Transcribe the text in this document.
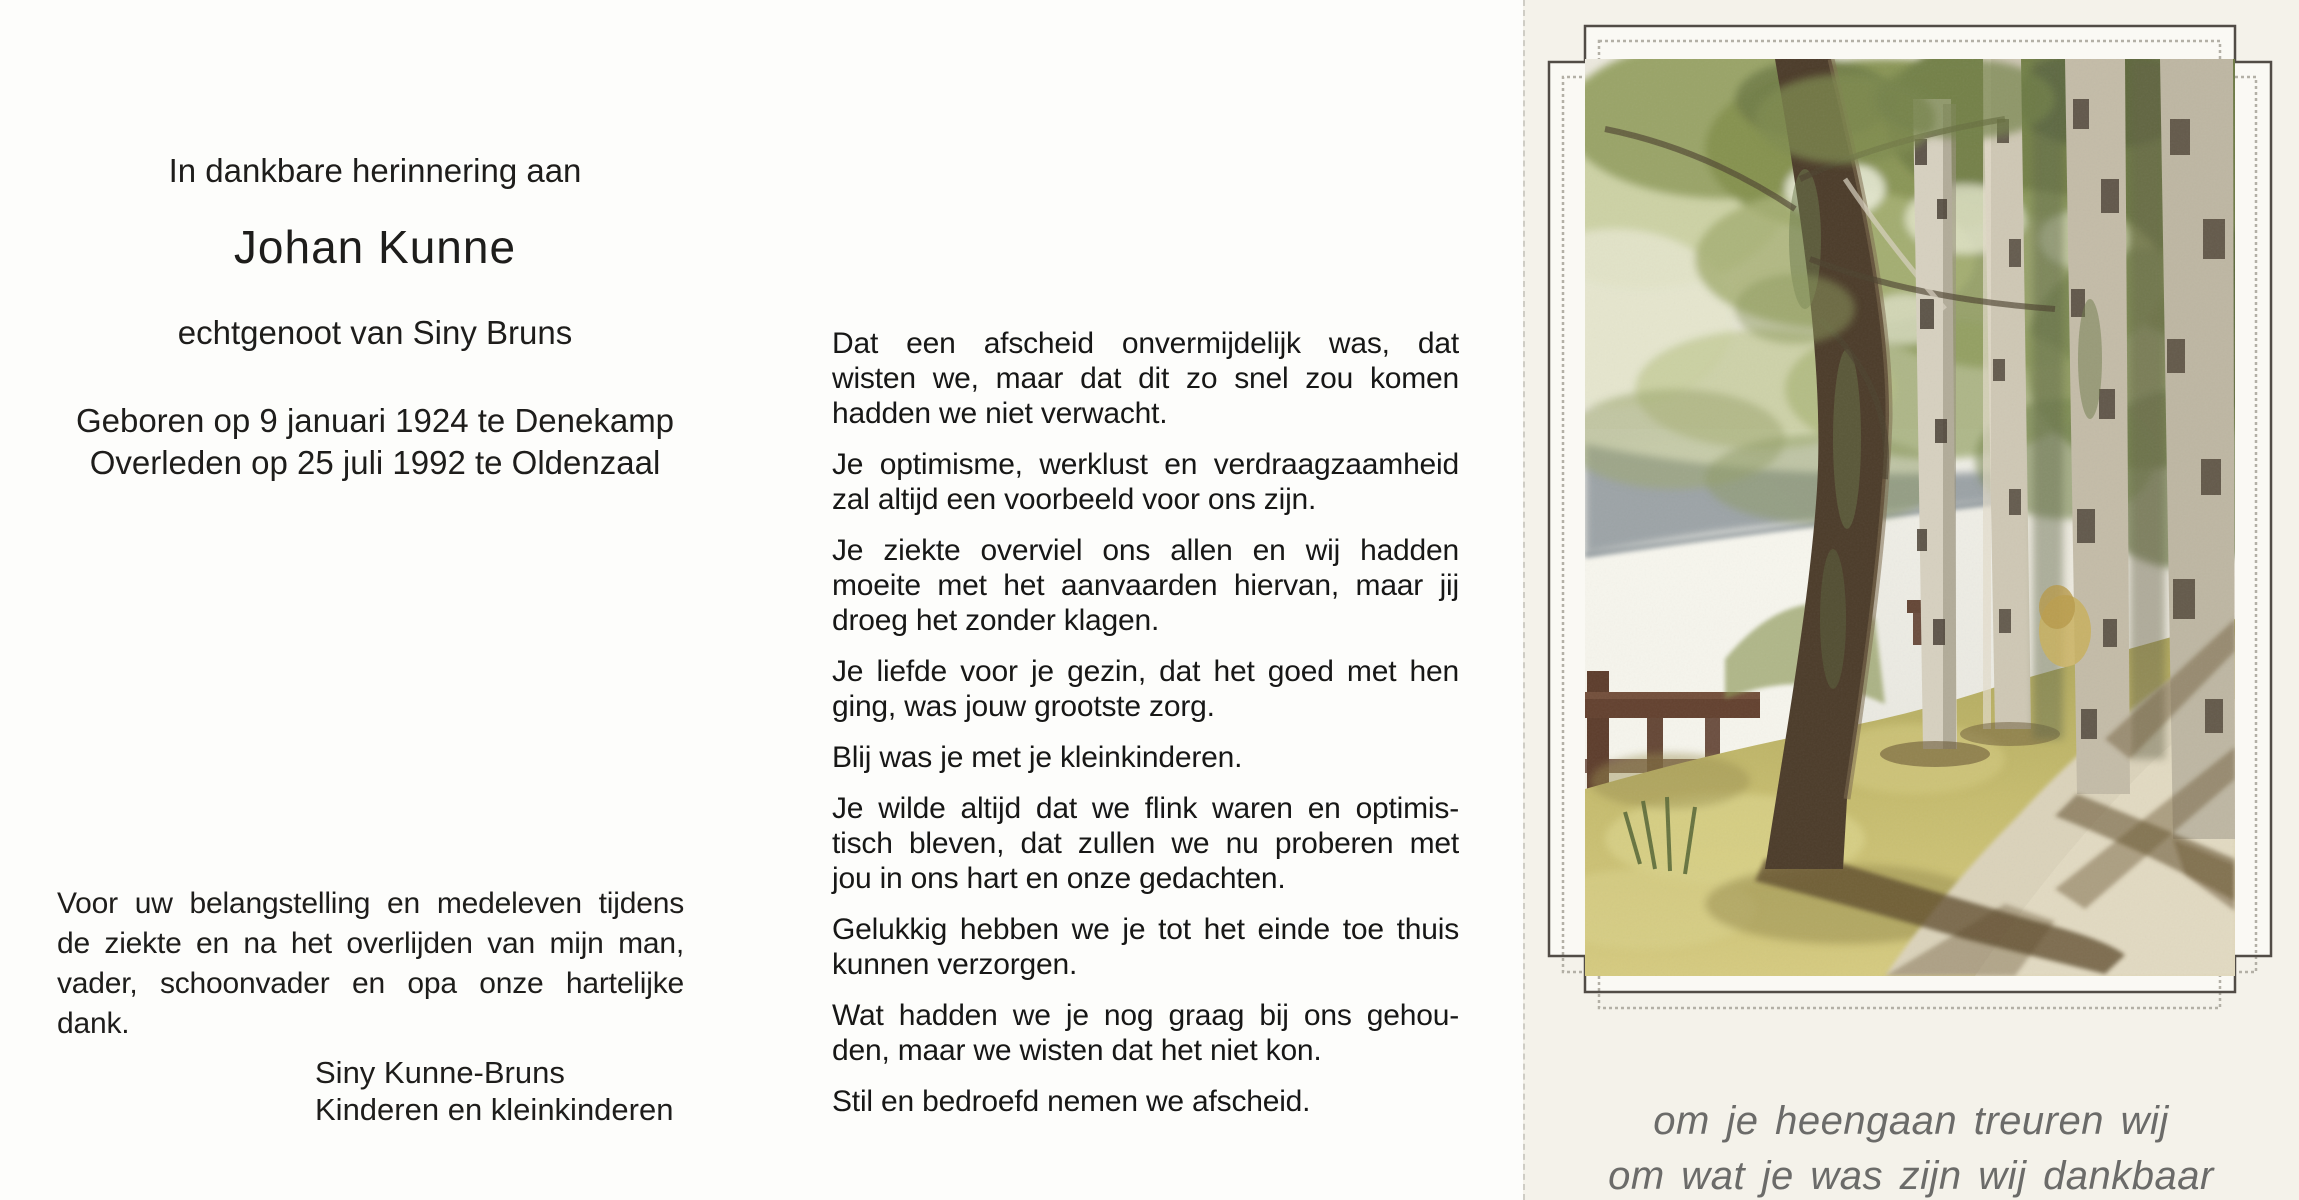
In dankbare herinnering aan
Johan Kunne
echtgenoot van Siny Bruns
Geboren op 9 januari 1924 te Denekamp
Overleden op 25 juli 1992 te Oldenzaal
Voor uw belangstelling en medeleven tijdens
de ziekte en na het overlijden van mijn man,
vader, schoonvader en opa onze hartelijke
dank.
Siny Kunne-Bruns
Kinderen en kleinkinderen
Dat een afscheid onvermijdelijk was, dat
wisten we, maar dat dit zo snel zou komen
hadden we niet verwacht.
Je optimisme, werklust en verdraagzaamheid
zal altijd een voorbeeld voor ons zijn.
Je ziekte overviel ons allen en wij hadden
moeite met het aanvaarden hiervan, maar jij
droeg het zonder klagen.
Je liefde voor je gezin, dat het goed met hen
ging, was jouw grootste zorg.
Blij was je met je kleinkinderen.
Je wilde altijd dat we flink waren en optimis-
tisch bleven, dat zullen we nu proberen met
jou in ons hart en onze gedachten.
Gelukkig hebben we je tot het einde toe thuis
kunnen verzorgen.
Wat hadden we je nog graag bij ons gehou-
den, maar we wisten dat het niet kon.
Stil en bedroefd nemen we afscheid.	om je heengaan treuren wij
om wat je was zijn wij dankbaar
